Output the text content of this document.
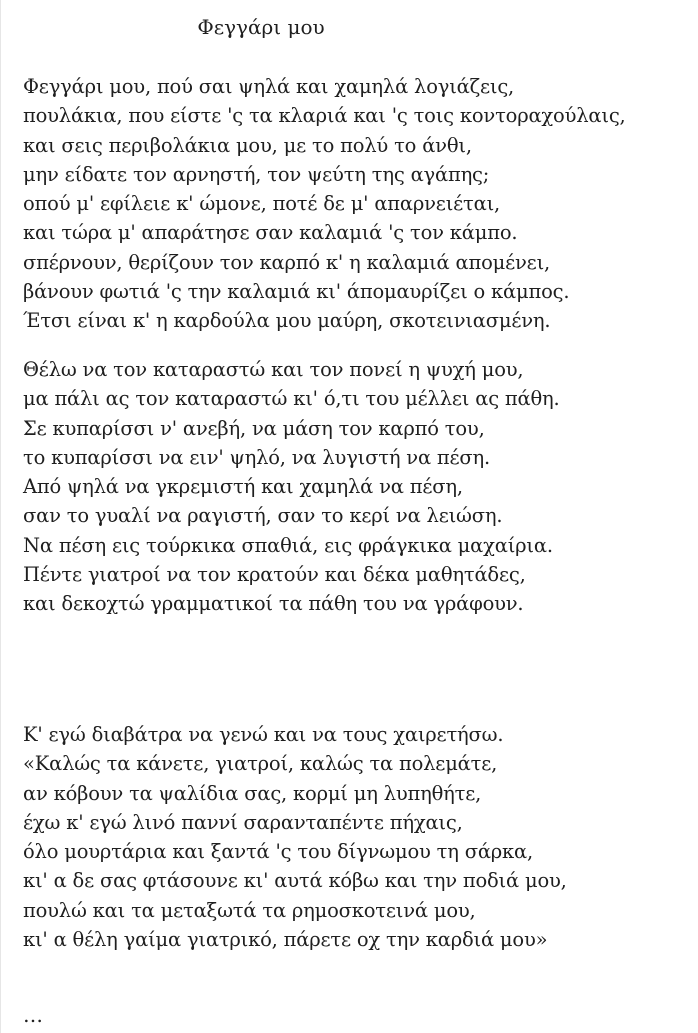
Φεγγάρι μου
Φεγγάρι μου, πού σαι ψηλά και χαμηλά λογιάζεις,
πουλάκια, που είστε 'ς τα κλαριά και 'ς τοις κοντοραχούλαις,
και σεις περιβολάκια μου, με το πολύ το άνθι,
μην είδατε τον αρνηστή, τον ψεύτη της αγάπης;
οπού μ' εφίλειε κ' ώμονε, ποτέ δε μ' απαρνειέται,
και τώρα μ' απαράτησε σαν καλαμιά 'ς τον κάμπο.
σπέρνουν, θερίζουν τον καρπό κ' η καλαμιά απομένει,
βάνουν φωτιά 'ς την καλαμιά κι' άπομαυρίζει ο κάμπος.
Έτσι είναι κ' η καρδούλα μου μαύρη, σκοτεινιασμένη.
Θέλω να τον καταραστώ και τον πονεί η ψυχή μου,
μα πάλι ας τον καταραστώ κι' ό,τι του μέλλει ας πάθη.
Σε κυπαρίσσι ν' ανεβή, να μάση τον καρπό του,
το κυπαρίσσι να ειν' ψηλό, να λυγιστή να πέση.
Από ψηλά να γκρεμιστή και χαμηλά να πέση,
σαν το γυαλί να ραγιστή, σαν το κερί να λειώση.
Να πέση εις τούρκικα σπαθιά, εις φράγκικα μαχαίρια.
Πέντε γιατροί να τον κρατούν και δέκα μαθητάδες,
και δεκοχτώ γραμματικοί τα πάθη του να γράφουν.
Κ' εγώ διαβάτρα να γενώ και να τους χαιρετήσω.
«Καλώς τα κάνετε, γιατροί, καλώς τα πολεμάτε,
αν κόβουν τα ψαλίδια σας, κορμί μη λυπηθήτε,
έχω κ' εγώ λινό παννί σαρανταπέντε πήχαις,
όλο μουρτάρια και ξαντά 'ς του δίγνωμου τη σάρκα,
κι' α δε σας φτάσουνε κι' αυτά κόβω και την ποδιά μου,
πουλώ και τα μεταξωτά τα ρημοσκοτεινά μου,
κι' α θέλη γαίμα γιατρικό, πάρετε οχ την καρδιά μου»

…
